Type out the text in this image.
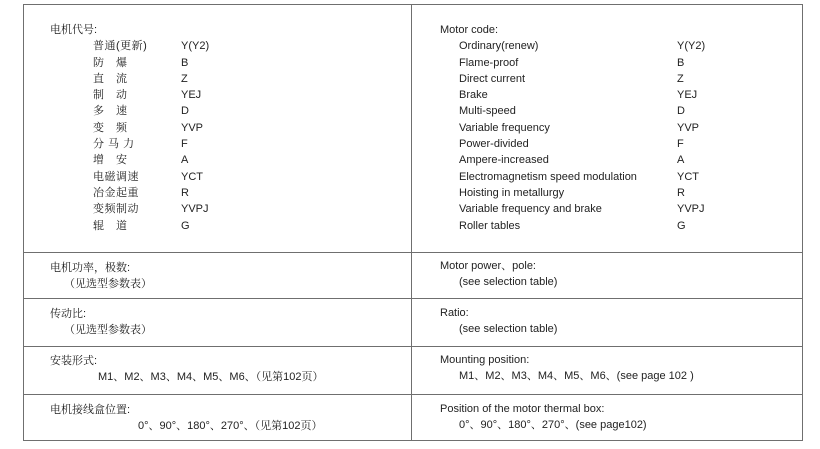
电机代号:
普通(更新)	Y(Y2)
防　爆	B
直　流	Z
制　动	YEJ
多　速	D
变　频	YVP
分 马 力	F
增　安	A
电磁调速	YCT
冶金起重	R
变频制动	YVPJ
辊　道	G
Motor code:
Ordinary(renew)	Y(Y2)
Flame-proof	B
Direct current	Z
Brake	YEJ
Multi-speed	D
Variable frequency	YVP
Power-divided	F
Ampere-increased	A
Electromagnetism speed modulation	YCT
Hoisting in metallurgy	R
Variable frequency and brake	YVPJ
Roller tables	G
电机功率，极数:
（见选型参数表）
Motor power、pole:
(see selection table)
传动比:
（见选型参数表）
Ratio:
(see selection table)
安装形式:
M1、M2、M3、M4、M5、M6、（见第102页）
Mounting position:
M1、M2、M3、M4、M5、M6、(see page 102 )
电机接线盒位置:
0°、90°、180°、270°、（见第102页）
Position of the motor thermal box:
0°、90°、180°、270°、(see page102)
